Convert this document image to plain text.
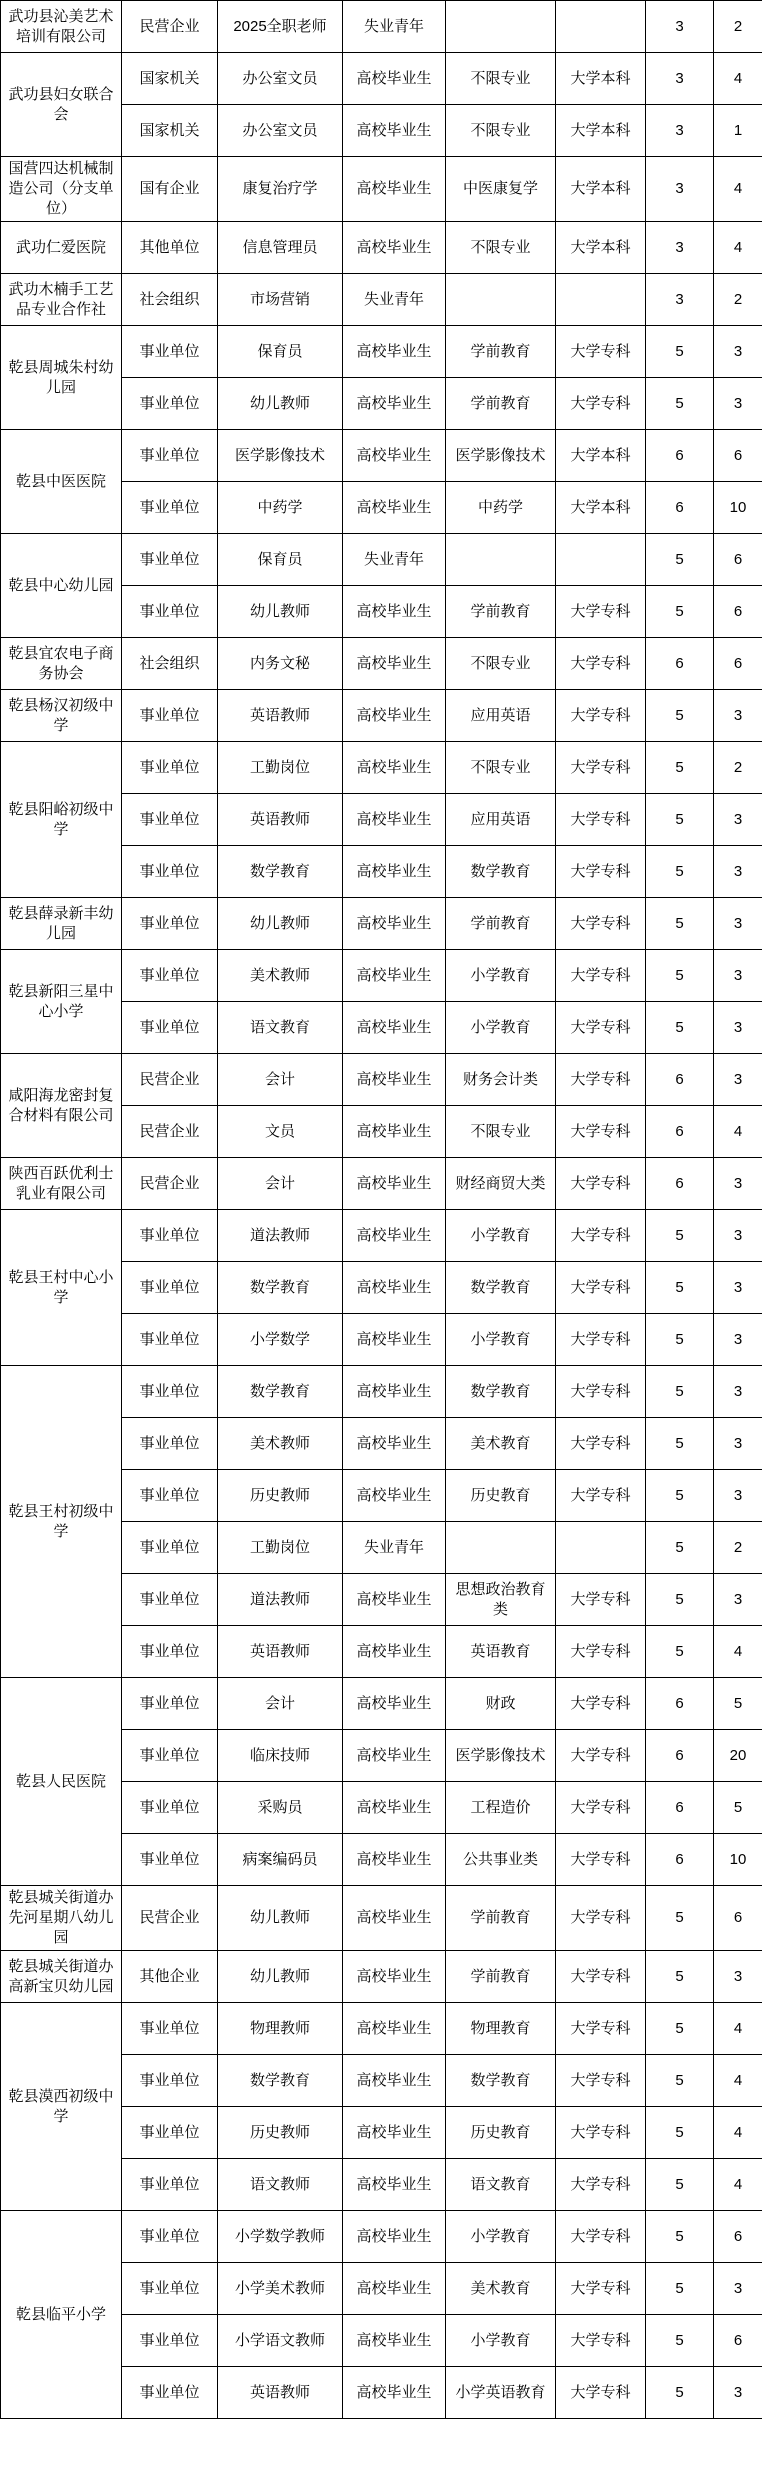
武功县沁美艺术培训有限公司	民营企业	2025全职老师	失业青年			3	2
武功县妇女联合会	国家机关	办公室文员	高校毕业生	不限专业	大学本科	3	4
	国家机关	办公室文员	高校毕业生	不限专业	大学本科	3	1
国营四达机械制造公司（分支单位）	国有企业	康复治疗学	高校毕业生	中医康复学	大学本科	3	4
武功仁爱医院	其他单位	信息管理员	高校毕业生	不限专业	大学本科	3	4
武功木楠手工艺品专业合作社	社会组织	市场营销	失业青年			3	2
乾县周城朱村幼儿园	事业单位	保育员	高校毕业生	学前教育	大学专科	5	3
	事业单位	幼儿教师	高校毕业生	学前教育	大学专科	5	3
乾县中医医院	事业单位	医学影像技术	高校毕业生	医学影像技术	大学本科	6	6
	事业单位	中药学	高校毕业生	中药学	大学本科	6	10
乾县中心幼儿园	事业单位	保育员	失业青年			5	6
	事业单位	幼儿教师	高校毕业生	学前教育	大学专科	5	6
乾县宜农电子商务协会	社会组织	内务文秘	高校毕业生	不限专业	大学专科	6	6
乾县杨汉初级中学	事业单位	英语教师	高校毕业生	应用英语	大学专科	5	3
乾县阳峪初级中学	事业单位	工勤岗位	高校毕业生	不限专业	大学专科	5	2
	事业单位	英语教师	高校毕业生	应用英语	大学专科	5	3
	事业单位	数学教育	高校毕业生	数学教育	大学专科	5	3
乾县薛录新丰幼儿园	事业单位	幼儿教师	高校毕业生	学前教育	大学专科	5	3
乾县新阳三星中心小学	事业单位	美术教师	高校毕业生	小学教育	大学专科	5	3
	事业单位	语文教育	高校毕业生	小学教育	大学专科	5	3
咸阳海龙密封复合材料有限公司	民营企业	会计	高校毕业生	财务会计类	大学专科	6	3
	民营企业	文员	高校毕业生	不限专业	大学专科	6	4
陕西百跃优利士乳业有限公司	民营企业	会计	高校毕业生	财经商贸大类	大学专科	6	3
乾县王村中心小学	事业单位	道法教师	高校毕业生	小学教育	大学专科	5	3
	事业单位	数学教育	高校毕业生	数学教育	大学专科	5	3
	事业单位	小学数学	高校毕业生	小学教育	大学专科	5	3
乾县王村初级中学	事业单位	数学教育	高校毕业生	数学教育	大学专科	5	3
	事业单位	美术教师	高校毕业生	美术教育	大学专科	5	3
	事业单位	历史教师	高校毕业生	历史教育	大学专科	5	3
	事业单位	工勤岗位	失业青年			5	2
	事业单位	道法教师	高校毕业生	思想政治教育类	大学专科	5	3
	事业单位	英语教师	高校毕业生	英语教育	大学专科	5	4
乾县人民医院	事业单位	会计	高校毕业生	财政	大学专科	6	5
	事业单位	临床技师	高校毕业生	医学影像技术	大学专科	6	20
	事业单位	采购员	高校毕业生	工程造价	大学专科	6	5
	事业单位	病案编码员	高校毕业生	公共事业类	大学专科	6	10
乾县城关街道办先河星期八幼儿园	民营企业	幼儿教师	高校毕业生	学前教育	大学专科	5	6
乾县城关街道办高新宝贝幼儿园	其他企业	幼儿教师	高校毕业生	学前教育	大学专科	5	3
乾县漠西初级中学	事业单位	物理教师	高校毕业生	物理教育	大学专科	5	4
	事业单位	数学教育	高校毕业生	数学教育	大学专科	5	4
	事业单位	历史教师	高校毕业生	历史教育	大学专科	5	4
	事业单位	语文教师	高校毕业生	语文教育	大学专科	5	4
乾县临平小学	事业单位	小学数学教师	高校毕业生	小学教育	大学专科	5	6
	事业单位	小学美术教师	高校毕业生	美术教育	大学专科	5	3
	事业单位	小学语文教师	高校毕业生	小学教育	大学专科	5	6
	事业单位	英语教师	高校毕业生	小学英语教育	大学专科	5	3
